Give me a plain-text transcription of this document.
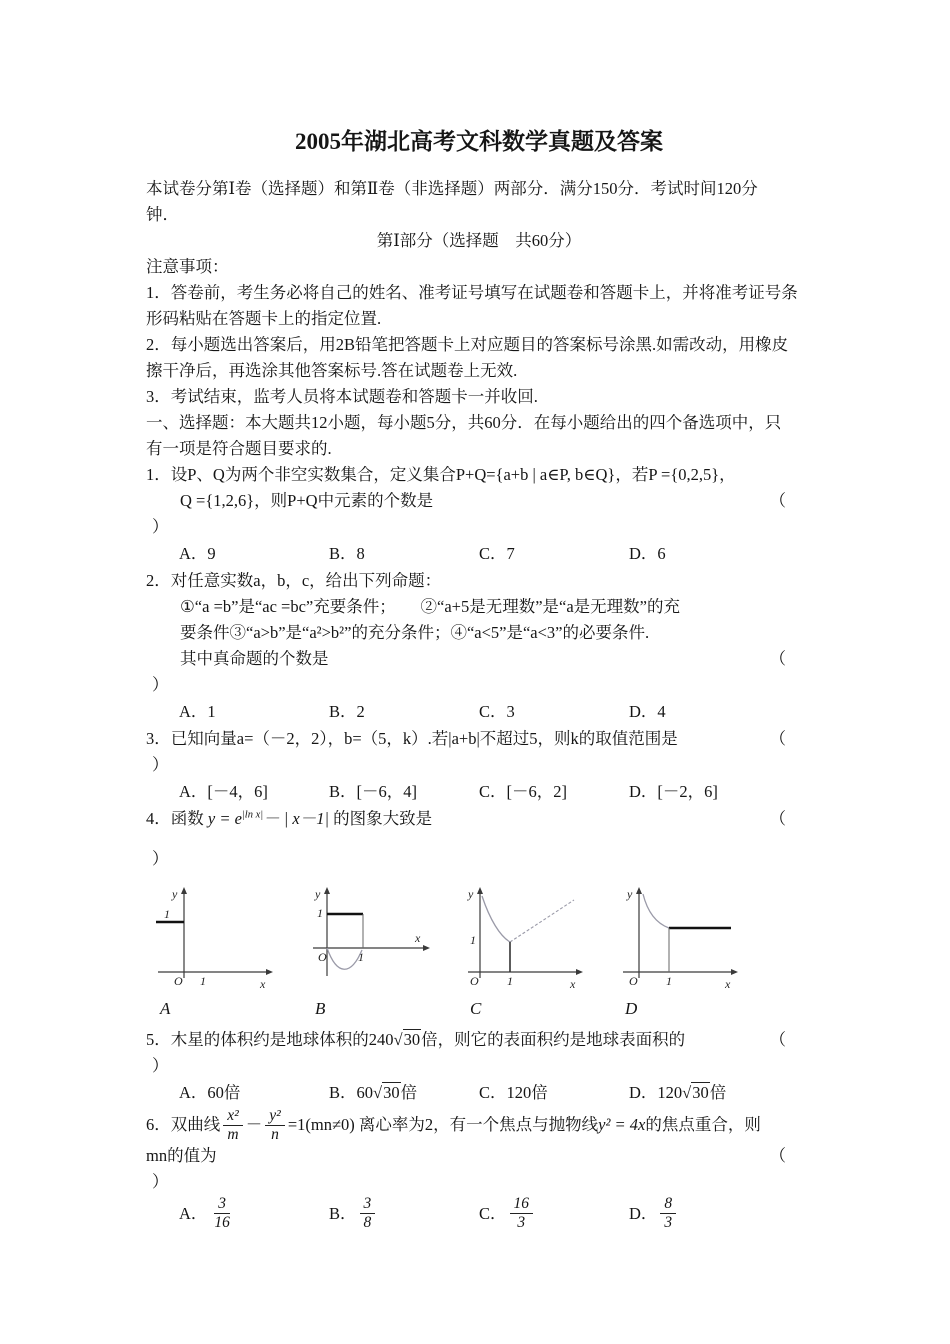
2005年湖北高考文科数学真题及答案
本试卷分第Ⅰ卷（选择题）和第Ⅱ卷（非选择题）两部分．满分150分．考试时间120分
钟．
第Ⅰ部分（选择题　共60分）
注意事项：
1．答卷前，考生务必将自己的姓名、准考证号填写在试题卷和答题卡上，并将准考证号条
形码粘贴在答题卡上的指定位置.
2．每小题选出答案后，用2B铅笔把答题卡上对应题目的答案标号涂黑.如需改动，用橡皮
擦干净后，再选涂其他答案标号.答在试题卷上无效.
3．考试结束，监考人员将本试题卷和答题卡一并收回.
一、选择题：本大题共12小题，每小题5分，共60分．在每小题给出的四个备选项中，只
有一项是符合题目要求的.
1．设P、Q为两个非空实数集合，定义集合P+Q={a+b | a∈P, b∈Q}，若P ={0,2,5}，
（
Q ={1,2,6}，则P+Q中元素的个数是
）
A．9	B．8	C．7	D．6
2．对任意实数a，b，c，给出下列命题：
①“a =b”是“ac =bc”充要条件；　　②“a+5是无理数”是“a是无理数”的充
要条件③“a>b”是“a²>b²”的充分条件；④“a<5”是“a<3”的必要条件.
（
其中真命题的个数是
）
A．1	B．2	C．3	D．4
（
3．已知向量a=（－2，2），b=（5，k）.若|a+b|不超过5，则k的取值范围是
）
A．[－4，6]	B．[－6，4]	C．[－6，2]	D．[－2，6]
（
4．函数 $y = e^{|ln x|}-$ | x－1| 的图象大致是
）
y
x
O 1
1
A
y
x
O	1
1
B
y
x
O 1
1
C
y
x
O 1
D
（
5．木星的体积约是地球体积的240√30倍，则它的表面积约是地球表面积的
）
A． 60 倍	B． 60 √30 倍	C． 120 倍	D． 120 √30 倍
6．双曲线 $\frac{\text{x²}}{m} - \frac{\text{y²}}{n} =1(mn\ne 0)$ 离心率为2，有一个焦点与抛物线 y² = 4x 的焦点重合，则
（
mn的值为
）
A． $\frac{3}{16}$	B． $\frac{3}{8}$	C． $\frac{16}{3}$	D． $\frac{8}{3}$
